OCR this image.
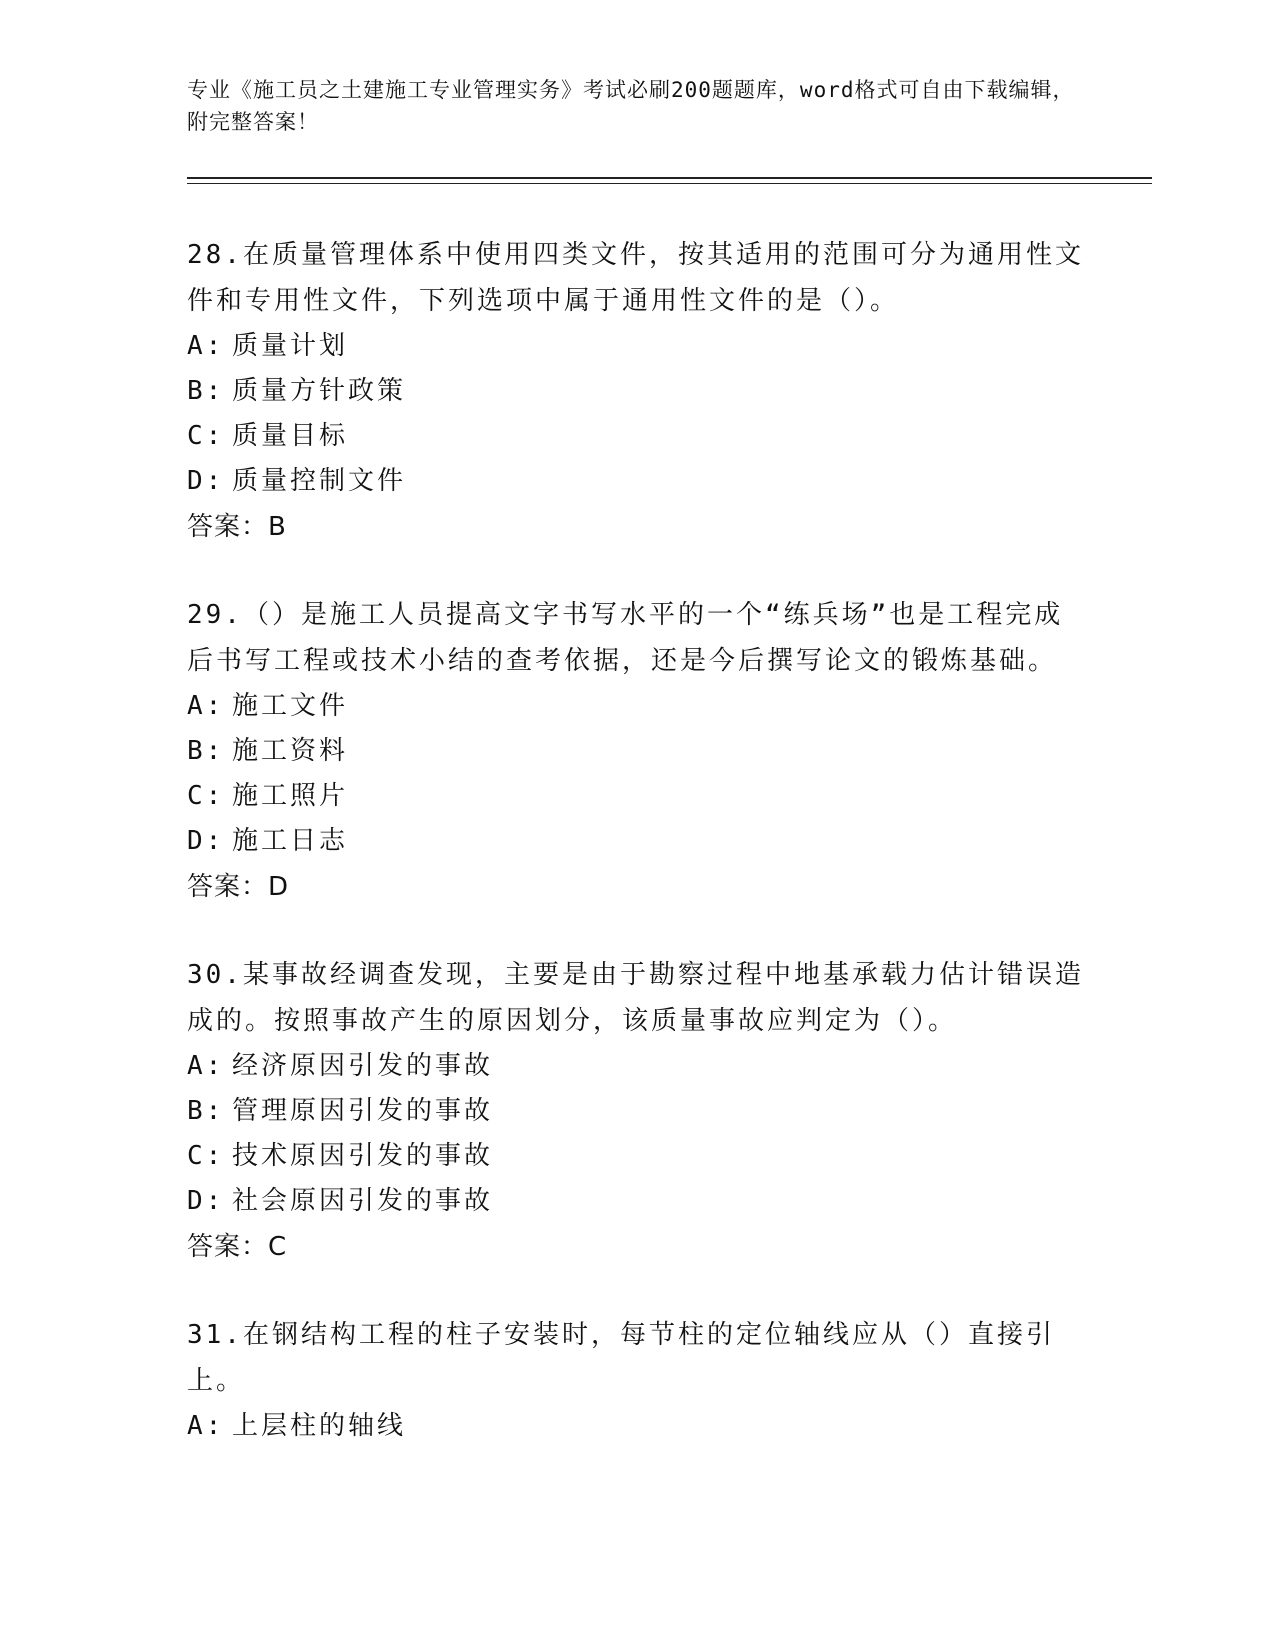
专业《施工员之土建施工专业管理实务》考试必刷200题题库，word格式可自由下载编辑，附完整答案！

28.在质量管理体系中使用四类文件，按其适用的范围可分为通用性文件和专用性文件，下列选项中属于通用性文件的是（）。

A: 质量计划
B: 质量方针政策
C: 质量目标
D: 质量控制文件
答案：B

29.（）是施工人员提高文字书写水平的一个“练兵场”也是工程完成后书写工程或技术小结的查考依据，还是今后撰写论文的锻炼基础。

A: 施工文件
B: 施工资料
C: 施工照片
D: 施工日志
答案：D

30.某事故经调查发现，主要是由于勘察过程中地基承载力估计错误造成的。按照事故产生的原因划分，该质量事故应判定为（）。

A: 经济原因引发的事故
B: 管理原因引发的事故
C: 技术原因引发的事故
D: 社会原因引发的事故
答案：C

31.在钢结构工程的柱子安装时，每节柱的定位轴线应从（）直接引上。

A: 上层柱的轴线
